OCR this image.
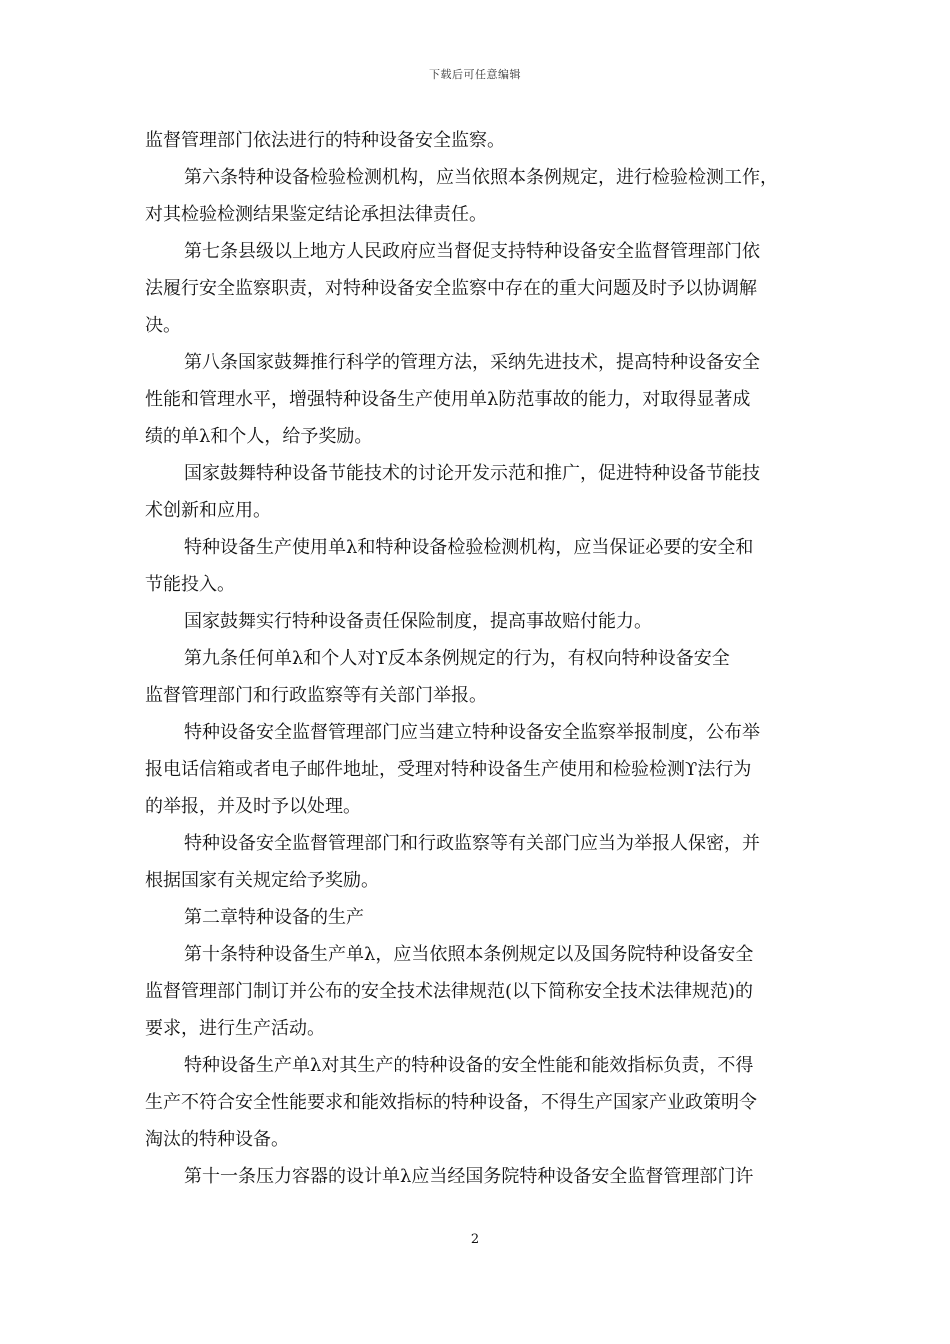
下载后可任意编辑
监督管理部门依法进行的特种设备安全监察。
第六条特种设备检验检测机构，应当依照本条例规定，进行检验检测工作，
对其检验检测结果鉴定结论承担法律责任。
第七条县级以上地方人民政府应当督促支持特种设备安全监督管理部门依
法履行安全监察职责，对特种设备安全监察中存在的重大问题及时予以协调解
决。
第八条国家鼓舞推行科学的管理方法，采纳先进技术，提高特种设备安全
性能和管理水平，增强特种设备生产使用单λ防范事故的能力，对取得显著成
绩的单λ和个人，给予奖励。
国家鼓舞特种设备节能技术的讨论开发示范和推广，促进特种设备节能技
术创新和应用。
特种设备生产使用单λ和特种设备检验检测机构，应当保证必要的安全和
节能投入。
国家鼓舞实行特种设备责任保险制度，提高事故赔付能力。
第九条任何单λ和个人对ϒ反本条例规定的行为，有权向特种设备安全
监督管理部门和行政监察等有关部门举报。
特种设备安全监督管理部门应当建立特种设备安全监察举报制度，公布举
报电话信箱或者电子邮件地址，受理对特种设备生产使用和检验检测ϒ法行为
的举报，并及时予以处理。
特种设备安全监督管理部门和行政监察等有关部门应当为举报人保密，并
根据国家有关规定给予奖励。
第二章特种设备的生产
第十条特种设备生产单λ，应当依照本条例规定以及国务院特种设备安全
监督管理部门制订并公布的安全技术法律规范(以下简称安全技术法律规范)的
要求，进行生产活动。
特种设备生产单λ对其生产的特种设备的安全性能和能效指标负责，不得
生产不符合安全性能要求和能效指标的特种设备，不得生产国家产业政策明令
淘汰的特种设备。
第十一条压力容器的设计单λ应当经国务院特种设备安全监督管理部门许
2
